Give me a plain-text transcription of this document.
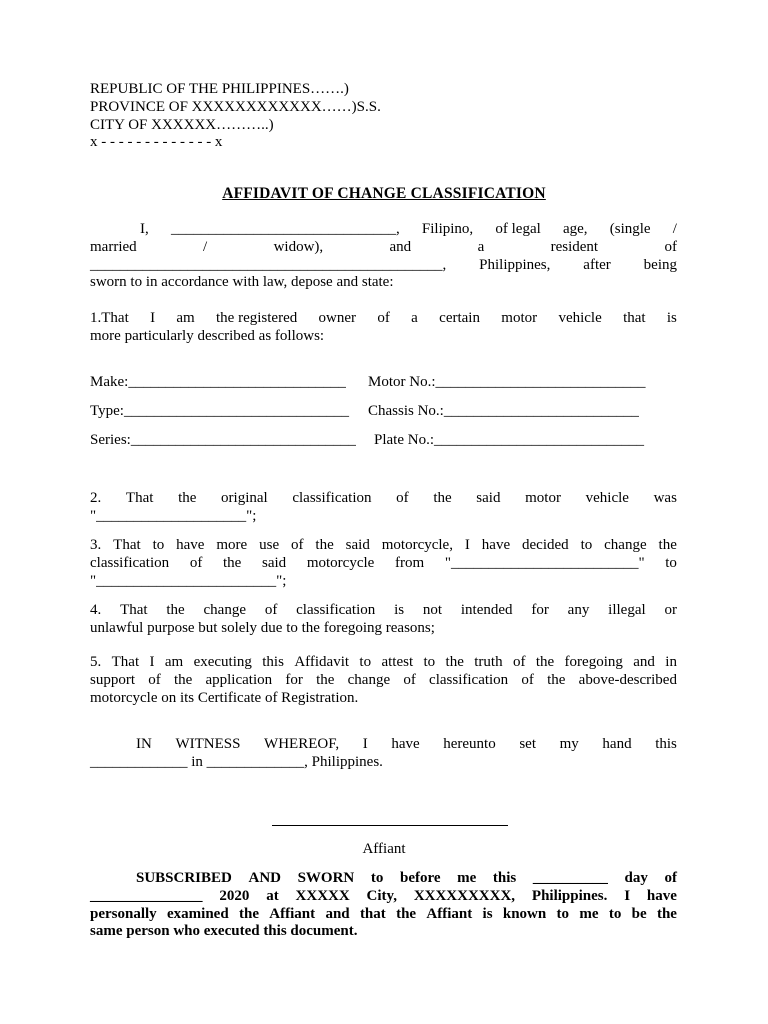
REPUBLIC OF THE PHILIPPINES…….)
PROVINCE OF XXXXXXXXXXXX……)S.S.
CITY OF XXXXXX………..)
x - - - - - - - - - - - - - x
AFFIDAVIT OF CHANGE CLASSIFICATION
I, ______________________________, Filipino, of legal age, (single /
married	/	widow),	and	a	resident	of
_______________________________________________, Philippines, after being
sworn to in accordance with law, depose and state:
1.That I am the registered owner of a certain motor vehicle that is
more particularly described as follows:
Make:_____________________________ Motor No.:____________________________
Type:______________________________ Chassis No.:__________________________
Series:______________________________ Plate No.:____________________________
2. That the original classification of the said motor vehicle was
"____________________";
3. That to have more use of the said motorcycle, I have decided to change the
classification of the said motorcycle from "_________________________" to
"________________________";
4. That the change of classification is not intended for any illegal or
unlawful purpose but solely due to the foregoing reasons;
5. That I am executing this Affidavit to attest to the truth of the foregoing and in
support of the application for the change of classification of the above-described
motorcycle on its Certificate of Registration.
IN WITNESS WHEREOF, I have hereunto set my hand this
_____________ in _____________, Philippines.
Affiant
SUBSCRIBED AND SWORN to before me this __________ day of
_______________ 2020 at XXXXX City, XXXXXXXXX, Philippines. I have
personally examined the Affiant and that the Affiant is known to me to be the
same person who executed this document.
